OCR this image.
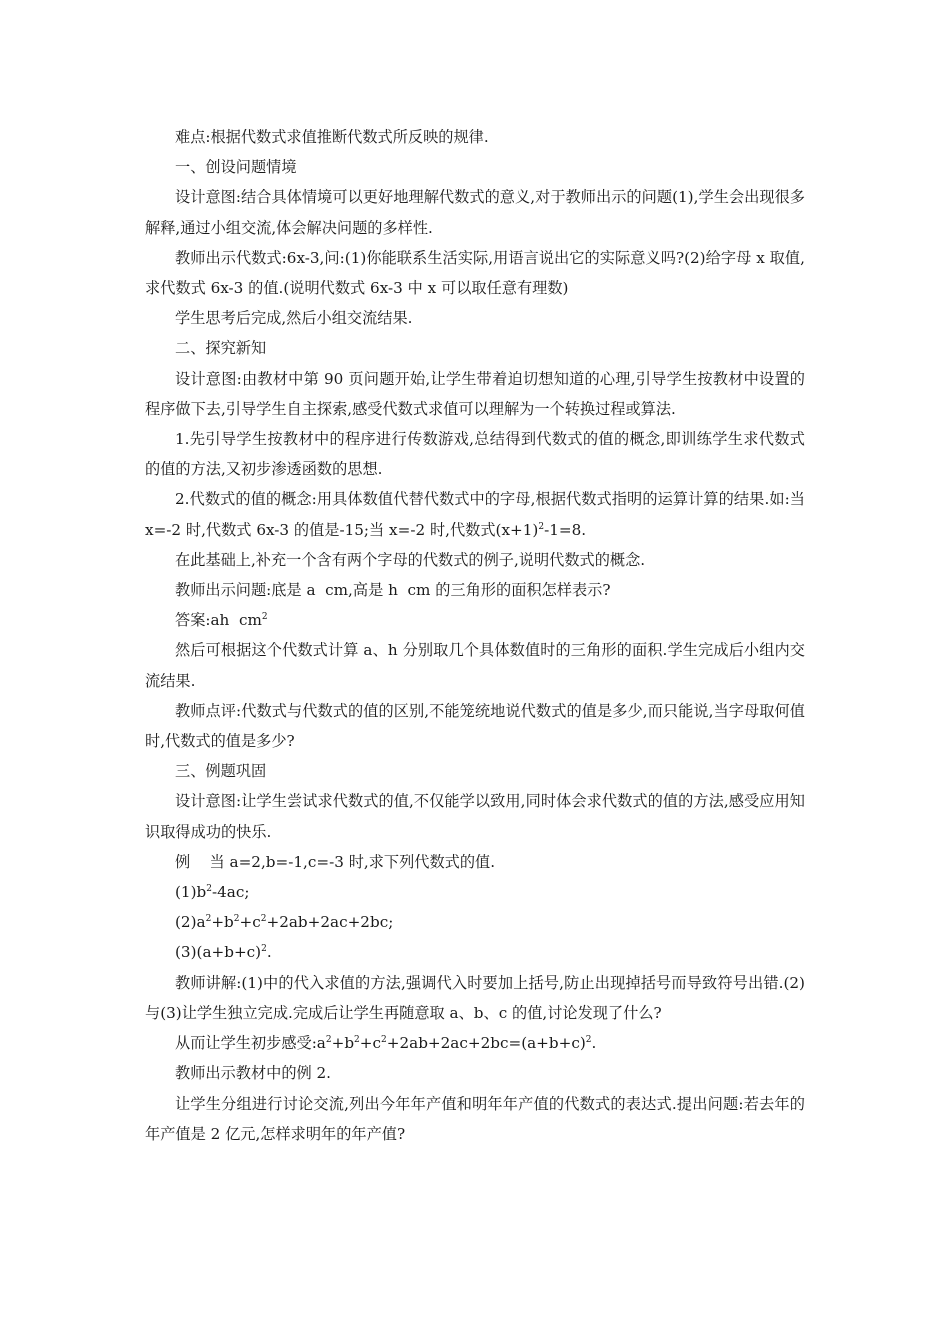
难点:根据代数式求值推断代数式所反映的规律.

一、创设问题情境

设计意图:结合具体情境可以更好地理解代数式的意义,对于教师出示的问题(1),学生会出现很多解释,通过小组交流,体会解决问题的多样性.

教师出示代数式:6x-3,问:(1)你能联系生活实际,用语言说出它的实际意义吗?(2)给字母 x 取值,求代数式 6x-3 的值.(说明代数式 6x-3 中 x 可以取任意有理数)

学生思考后完成,然后小组交流结果.

二、探究新知

设计意图:由教材中第 90 页问题开始,让学生带着迫切想知道的心理,引导学生按教材中设置的程序做下去,引导学生自主探索,感受代数式求值可以理解为一个转换过程或算法.

1.先引导学生按教材中的程序进行传数游戏,总结得到代数式的值的概念,即训练学生求代数式的值的方法,又初步渗透函数的思想.

2.代数式的值的概念:用具体数值代替代数式中的字母,根据代数式指明的运算计算的结果.如:当 x=-2 时,代数式 6x-3 的值是-15;当 x=-2 时,代数式$(x+1)^2-1=8$.

在此基础上,补充一个含有两个字母的代数式的例子,说明代数式的概念.

教师出示问题:底是 a  cm,高是 h  cm 的三角形的面积怎样表示?

答案:ah  $cm^2$

然后可根据这个代数式计算 a、h 分别取几个具体数值时的三角形的面积.学生完成后小组内交流结果.

教师点评:代数式与代数式的值的区别,不能笼统地说代数式的值是多少,而只能说,当字母取何值时,代数式的值是多少?

三、例题巩固

设计意图:让学生尝试求代数式的值,不仅能学以致用,同时体会求代数式的值的方法,感受应用知识取得成功的快乐.

例    当 a=2,b=-1,c=-3 时,求下列代数式的值.

$(1)b^2-4ac$;

$(2)a^2+b^2+c^2+2ab+2ac+2bc$;

$(3)(a+b+c)^2$.

教师讲解:(1)中的代入求值的方法,强调代入时要加上括号,防止出现掉括号而导致符号出错.(2)与(3)让学生独立完成.完成后让学生再随意取 a、b、c 的值,讨论发现了什么?

从而让学生初步感受$:a^2+b^2+c^2+2ab+2ac+2bc=(a+b+c)^2$.

教师出示教材中的例 2.

让学生分组进行讨论交流,列出今年年产值和明年年产值的代数式的表达式.提出问题:若去年的年产值是 2 亿元,怎样求明年的年产值?
